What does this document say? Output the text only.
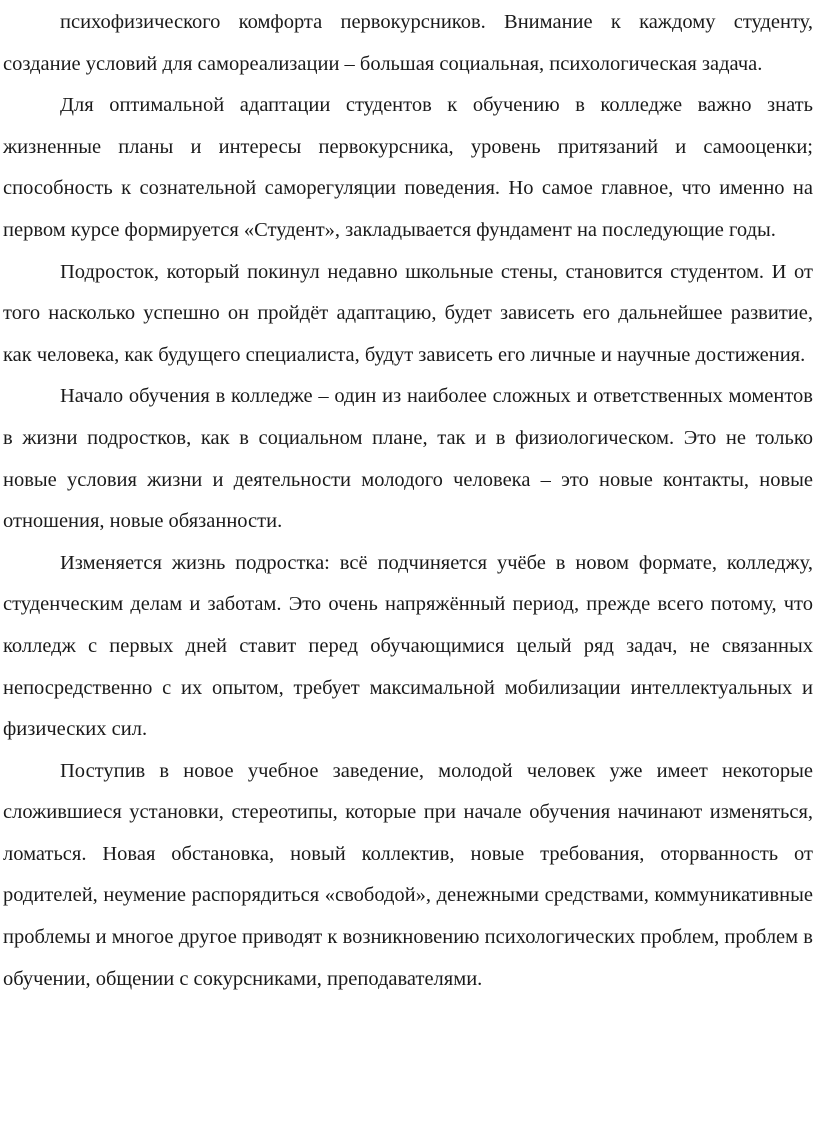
психофизического комфорта первокурсников. Внимание к каждому студенту, создание условий для самореализации – большая социальная, психологическая задача.

Для оптимальной адаптации студентов к обучению в колледже важно знать жизненные планы и интересы первокурсника, уровень притязаний и самооценки; способность к сознательной саморегуляции поведения. Но самое главное, что именно на первом курсе формируется «Студент», закладывается фундамент на последующие годы.

Подросток, который покинул недавно школьные стены, становится студентом. И от того насколько успешно он пройдёт адаптацию, будет зависеть его дальнейшее развитие, как человека, как будущего специалиста, будут зависеть его личные и научные достижения.

Начало обучения в колледже – один из наиболее сложных и ответственных моментов в жизни подростков, как в социальном плане, так и в физиологическом. Это не только новые условия жизни и деятельности молодого человека – это новые контакты, новые отношения, новые обязанности.

Изменяется жизнь подростка: всё подчиняется учёбе в новом формате, колледжу, студенческим делам и заботам. Это очень напряжённый период, прежде всего потому, что колледж с первых дней ставит перед обучающимися целый ряд задач, не связанных непосредственно с их опытом, требует максимальной мобилизации интеллектуальных и физических сил.

Поступив в новое учебное заведение, молодой человек уже имеет некоторые сложившиеся установки, стереотипы, которые при начале обучения начинают изменяться, ломаться. Новая обстановка, новый коллектив, новые требования, оторванность от родителей, неумение распорядиться «свободой», денежными средствами, коммуникативные проблемы и многое другое приводят к возникновению психологических проблем, проблем в обучении, общении с сокурсниками, преподавателями.
